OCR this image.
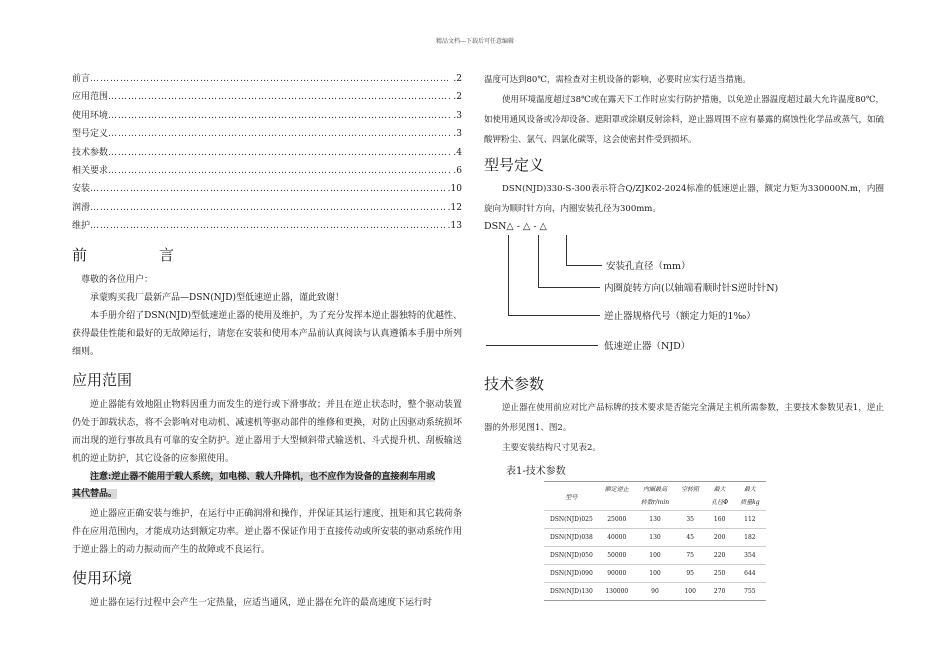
精品文档---下载后可任意编辑
前言 …………………………………………………………………………………………………………………………………………………………………………………………………………	.2
应用范围 …………………………………………………………………………………………………………………………………………………………………………………………………………	.2
使用环境 …………………………………………………………………………………………………………………………………………………………………………………………………………	.3
型号定义 …………………………………………………………………………………………………………………………………………………………………………………………………………	.3
技术参数 …………………………………………………………………………………………………………………………………………………………………………………………………………	.4
相关要求 …………………………………………………………………………………………………………………………………………………………………………………………………………	.6
安装 …………………………………………………………………………………………………………………………………………………………………………………………………………	.10
润滑 …………………………………………………………………………………………………………………………………………………………………………………………………………	.12
维护 …………………………………………………………………………………………………………………………………………………………………………………………………………	.13
前	言
尊敬的各位用户：
承蒙购买我厂最新产品—DSN(NJD)型低速逆止器，谨此致谢！
本手册介绍了DSN(NJD)型低速逆止器的使用及维护，为了充分发挥本逆止器独特的优越性、获得最佳性能和最好的无故障运行，请您在安装和使用本产品前认真阅读与认真遵循本手册中所列细则。
应用范围
逆止器能有效地阻止物料因重力而发生的逆行或下滑事故；并且在逆止状态时，整个驱动装置仍处于卸载状态，将不会影响对电动机、减速机等驱动部件的维修和更换，对防止因驱动系统损坏而出现的逆行事故具有可靠的安全防护。逆止器用于大型倾斜带式输送机、斗式提升机、刮板输送机的逆止防护，其它设备的应参照使用。
注意:逆止器不能用于载人系统，如电梯、载人升降机，也不应作为设备的直接刹车用或
其代替品。
逆止器应正确安装与维护，在运行中正确润滑和操作，并保证其运行速度、扭矩和其它载荷条件在应用范围内，才能成功达到额定功率。逆止器不保证作用于直接传动或所安装的驱动系统作用于逆止器上的动力振动而产生的故障或不良运行。
使用环境
逆止器在运行过程中会产生一定热量，应适当通风，逆止器在允许的最高速度下运行时
温度可达到80℃，需检查对主机设备的影响，必要时应实行适当措施。
使用环境温度超过38℃或在露天下工作时应实行防护措施，以免逆止器温度超过最大允许温度80℃，如使用通风设备或冷却设备、遮阳罩或涂刷反射涂料，逆止器周围不应有暴露的腐蚀性化学品或蒸气，如硫酸钾粉尘、氯气、四氯化碳等，这会使密封件受到损坏。
型号定义
DSN(NJD)330-S-300表示符合Q/ZJK02-2024标准的低速逆止器，额定力矩为330000N.m，内圈旋向为顺时针方向，内圈安装孔径为300mm。
DSN△ - △ - △
安装孔直径（mm）
内圈旋转方向(以轴端看顺时针S逆时针N)
逆止器规格代号（额定力矩的1‰）
低速逆止器（NJD）
技术参数
逆止器在使用前应对比产品标牌的技术要求是否能完全满足主机所需参数，主要技术参数见表1，逆止器的外形见图1、图2。
主要安装结构尺寸见表2。
表1-技术参数
型号	额定逆止	内圈最高	空转阻	最大	最大
		转数r/min		孔径Φ	质量kg
DSN(NJD)025	25000	130	35	160	112
DSN(NJD)038	40000	130	45	200	182
DSN(NJD)050	50000	100	75	220	354
DSN(NJD)090	90000	100	95	250	644
DSN(NJD)130	130000	90	100	270	755
